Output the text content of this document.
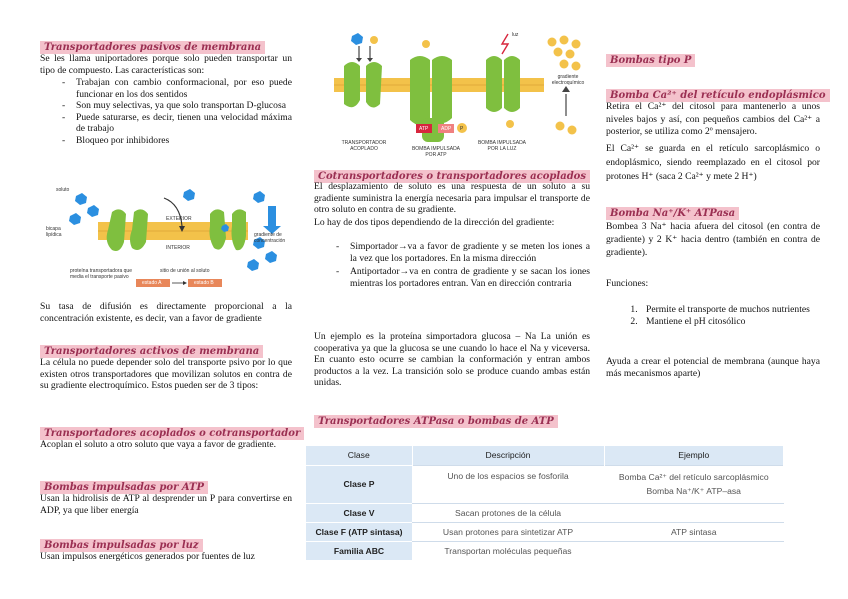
Transportadores pasivos de membrana
Se les llama uniportadores porque solo pueden transportar un tipo de compuesto. Las características son:
- Trabajan con cambio conformacional, por eso puede funcionar en los dos sentidos
- Son muy selectivas, ya que solo transportan D-glucosa
- Puede saturarse, es decir, tienen una velocidad máxima de trabajo
- Bloqueo por inhibidores
soluto
EXTERIOR
INTERIOR
bicapa lipídica	gradiente de concentración
proteína transportadora que media el transporte pasivo
sitio de unión al soluto
estado A	estado B
Su tasa de difusión es directamente proporcional a la concentración existente, es decir, van a favor de gradiente
Transportadores activos de membrana
La célula no puede depender solo del transporte psivo por lo que existen otros transportadores que movilizan solutos en contra de su gradiente electroquímico. Estos pueden ser de 3 tipos:
Transportadores acoplados o cotransportador
Acoplan el soluto a otro soluto que vaya a favor de gradiente.
Bombas impulsadas por ATP
Usan la hidrolisis de ATP al desprender un P para convertirse en ADP, ya que liber energía
Bombas impulsadas por luz
Usan impulsos energéticos generados por fuentes de luz
TRANSPORTADOR ACOPLADO	BOMBA IMPULSADA POR ATP
BOMBA IMPULSADA POR LA LUZ
ATP	ADP P
luz
gradiente electroquímico
Cotransportadores o transportadores acoplados
El desplazamiento de soluto es una respuesta de un soluto a su gradiente suministra la energía necesaria para impulsar el transporte de otro soluto en contra de su gradiente.
Lo hay de dos tipos dependiendo de la dirección del gradiente:
- Simportador→va a favor de gradiente y se meten los iones a la vez que los portadores. En la misma dirección
- Antiportador→va en contra de gradiente y se sacan los iones mientras los portadores entran. Van en dirección contraria
Un ejemplo es la proteína simportadora glucosa – Na La unión es cooperativa ya que la glucosa se une cuando lo hace el Na y viceversa. En cuanto esto ocurre se cambian la conformación y entran ambos productos a la vez. La transición solo se produce cuando ambas están unidas.
Transportadores ATPasa o bombas de ATP
Clase	Descripción	Ejemplo
Clase P	Uno de los espacios se fosforila	Bomba Ca²⁺ del retículo sarcoplásmico
Bomba Na⁺/K⁺ ATP–asa

Clase V	Sacan protones de la célula	
Clase F (ATP sintasa)	Usan protones para sintetizar ATP	ATP sintasa
Familia ABC	Transportan moléculas pequeñas	
Bombas tipo P
Bomba Ca²⁺ del retículo endoplásmico
Retira el Ca²⁺ del citosol para mantenerlo a unos niveles bajos y así, con pequeños cambios del Ca²⁺ a posterior, se utiliza como 2º mensajero.
El Ca²⁺ se guarda en el retículo sarcoplásmico o endoplásmico, siendo reemplazado en el citosol por protones H⁺ (saca 2 Ca²⁺ y mete 2 H⁺)
Bomba Na⁺/K⁺ ATPasa
Bombea 3 Na⁺ hacia afuera del citosol (en contra de gradiente) y 2 K⁺ hacia dentro (también en contra de gradiente).
Funciones:
1. Permite el transporte de muchos nutrientes
2. Mantiene el pH citosólico
Ayuda a crear el potencial de membrana (aunque haya más mecanismos aparte)
